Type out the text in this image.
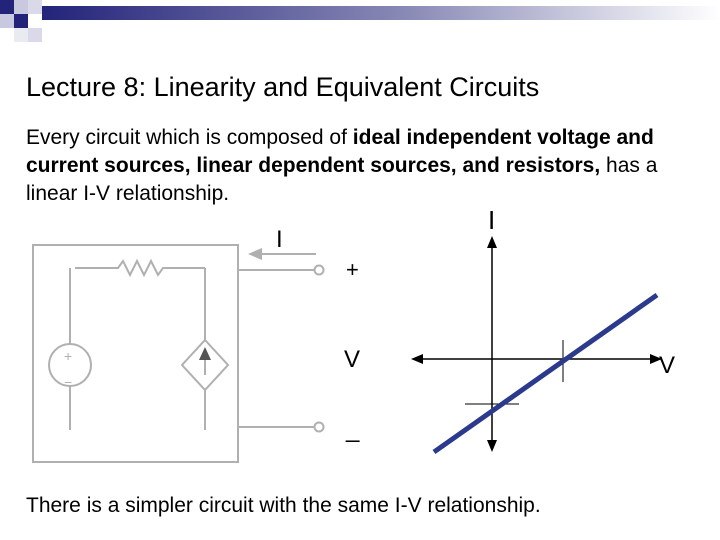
Lecture 8: Linearity and Equivalent Circuits
Every circuit which is composed of ideal independent voltage and current sources, linear dependent sources, and resistors, has a linear I-V relationship.
I
+
V
_
+
−
I
V
There is a simpler circuit with the same I-V relationship.
